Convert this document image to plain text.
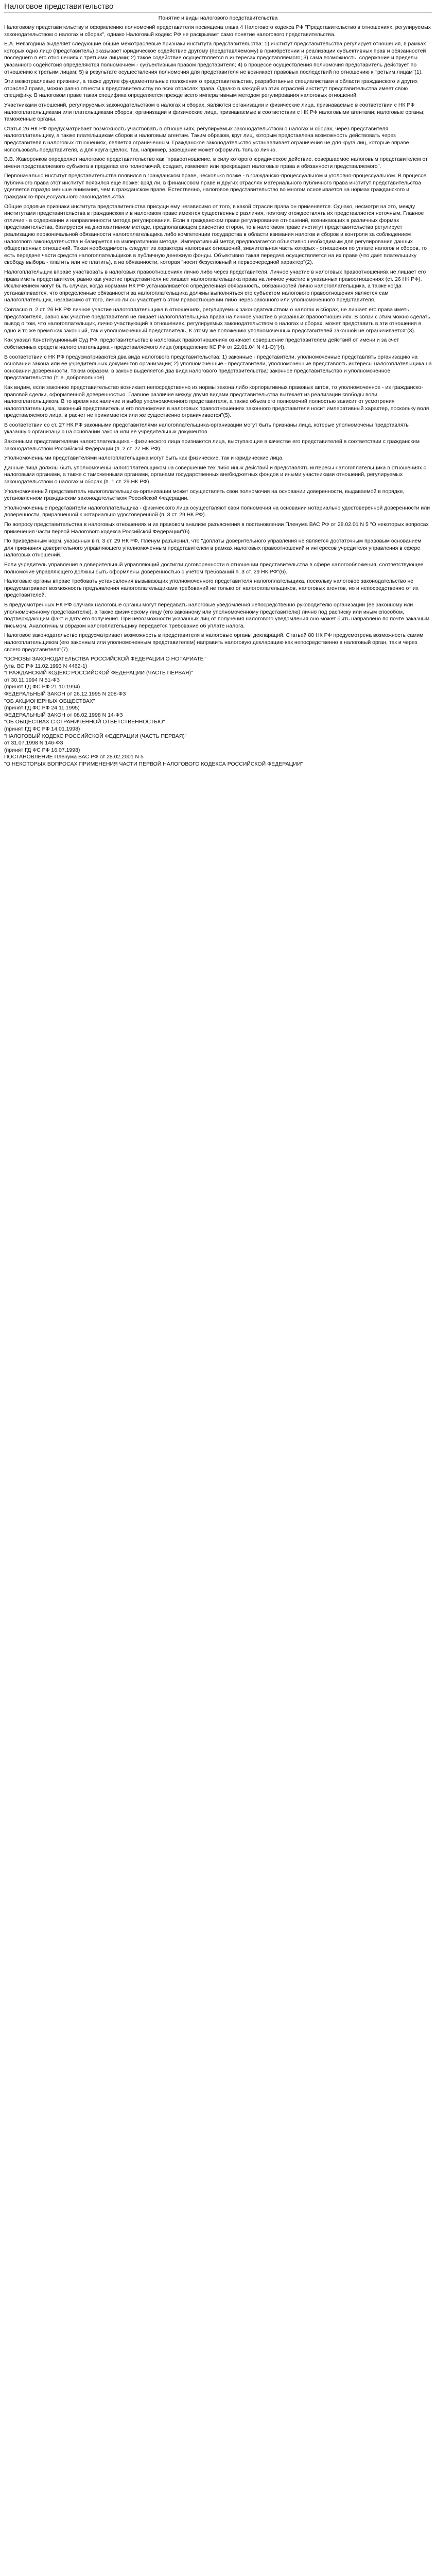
Налоговое представительство
Понятие и виды налогового представительства

Налоговому представительству и оформлению полномочий представителя посвящена глава 4 Налогового кодекса РФ "Представительство в отношениях, регулируемых законодательством о налогах и сборах", однако Налоговый кодекс РФ не раскрывает само понятие налогового представительства.

Е.А. Невзгодина выделяет следующие общие межотраслевые признаки института представительства: 1) институт представительства регулирует отношения, в рамках которых одно лицо (представитель) оказывает юридическое содействие другому (представляемому) в приобретении и реализации субъективных прав и обязанностей последнего в его отношениях с третьими лицами; 2) такое содействие осуществляется в интересах представляемого; 3) сама возможность, содержание и пределы указанного содействия определяются полномочием - субъективным правом представителя; 4) в процессе осуществления полномочия представитель действует по отношению к третьим лицам; 5) в результате осуществления полномочия для представителя не возникает правовых последствий по отношению к третьим лицам"(1).

Эти межотраслевые признаки, а также другие фундаментальные положения о представительстве, разработанные специалистами в области гражданского и других отраслей права, можно равно отнести к представительству во всех отраслях права. Однако в каждой из этих отраслей институт представительства имеет свою специфику. В налоговом праве такая специфика определяется прежде всего императивным методом регулирования налоговых отношений.

Участниками отношений, регулируемых законодательством о налогах и сборах, являются организации и физические лица, признаваемые в соответствии с НК РФ налогоплательщиками или плательщиками сборов; организации и физические лица, признаваемые в соответствии с НК РФ налоговыми агентами; налоговые органы; таможенные органы.

Статья 26 НК РФ предусматривает возможность участвовать в отношениях, регулируемых законодательством о налогах и сборах, через представителя налогоплательщику, а также плательщикам сборов и налоговым агентам. Таким образом, круг лиц, которым представлена возможность действовать через представителя в налоговых отношениях, является ограниченным. Гражданское законодательство устанавливает ограничения не для круга лиц, которые вправе использовать представителя, а для круга сделок. Так, например, завещание может оформить только лично.

В.В. Жаворонков определяет налоговое представительство как "правоотношение, в силу которого юридическое действие, совершаемое налоговым представителем от имени представляемого субъекта в пределах его полномочий, создает, изменяет или прекращает налоговые права и обязанности представляемого".

Первоначально институт представительства появился в гражданском праве, несколько позже - в гражданско-процессуальном и уголовно-процессуальном. В процессе публичного права этот институт появился еще позже: вряд ли, в финансовом праве и других отраслях материального публичного права институт представительства уделяется гораздо меньше внимания, чем в гражданском праве. Естественно, налоговое представительство во многом основывается на нормах гражданского и гражданско-процессуального законодательства.

Общие родовые признаки института представительства присущи ему независимо от того, в какой отрасли права он применяется. Однако, несмотря на это, между институтами представительства в гражданском и в налоговом праве имеются существенные различия, поэтому отождествлять их представляется неточным. Главное отличие - в содержании и направленности метода регулирования. Если в гражданском праве регулирование отношений, возникающих в различных формах представительства, базируется на диспозитивном методе, предполагающем равенство сторон, то в налоговом праве институт представительства регулирует реализацию первоначальной обязанности налогоплательщика либо компетенции государства в области взимания налогов и сборов и контроля за соблюдением налогового законодательства и базируется на императивном методе. Императивный метод предполагается объективно необходимым для регулирования данных общественных отношений. Такая необходимость следует из характера налоговых отношений, значительная часть которых - отношения по уплате налогов и сборов, то есть передаче части средств налогоплательщиков в публичную денежную фонды. Объективно такая передача осуществляется на их праве (что дает плательщику свободу выбора - платить или не платить), а на обязанности, которая "носит безусловный и первоочередной характер"(2).

Налогоплательщик вправе участвовать в налоговых правоотношениях лично либо через представителя. Личное участие в налоговых правоотношениях не лишает его права иметь представителя, равно как участие представителя не лишает налогоплательщика права на личное участие в указанных правоотношениях (ст. 26 НК РФ). Исключением могут быть случаи, когда нормами НК РФ устанавливается определенная обязанность, обязанностей лично налогоплательщика, а также когда устанавливается, что определенные обязанности за налогоплательщика должны выполняться его субъектом налогового правоотношения является сам налогоплательщик, независимо от того, лично ли он участвует в этом правоотношении либо через законного или уполномоченного представителя.

Согласно п. 2 ст. 26 НК РФ личное участие налогоплательщика в отношениях, регулируемых законодательством о налогах и сборах, не лишает его права иметь представителя, равно как участие представителя не лишает налогоплательщика права на личное участие в указанных правоотношениях. В связи с этим можно сделать вывод о том, что налогоплательщик, лично участвующий в отношениях, регулируемых законодательством о налогах и сборах, может представить в эти отношения в одно и то же время как законный, так и уполномоченный представитель. К этому же положению уполномоченных представителей законной не ограничивается"(3).

Как указал Конституционный Суд РФ, представительство в налоговых правоотношениях означает совершение представителем действий от имени и за счет собственных средств налогоплательщика - представляемого лица (определение КС РФ от 22.01.04 N 41-О)"(4).

В соответствии с НК РФ предусматриваются два вида налогового представительства: 1) законные - представители, уполномоченные представлять организацию на основании закона или ее учредительных документов организации; 2) уполномоченные - представители, уполномоченные представлять интересы налогоплательщика на основании доверенности. Таким образом, в законе выделяется два вида налогового представительства: законное представительство и уполномоченное представительство (т. е. добровольное).

Как видим, если законное представительство возникает непосредственно из нормы закона либо корпоративных правовых актов, то уполномоченное - из гражданско-правовой сделки, оформленной доверенностью. Главное различие между двумя видами представительства вытекает из реализации свободы воли налогоплательщиком. В то время как наличие и выбор уполномоченного представителя, а также объем его полномочий полностью зависит от усмотрения налогоплательщика, законный представитель и его полномочия в налоговых правоотношениях законного представителя носит императивный характер, поскольку воля представляемого лица, в расчет не принимается или же существенно ограничивается"(5).

В соответствии со ст. 27 НК РФ законными представителями налогоплательщика-организации могут быть признаны лица, которые уполномочены представлять указанную организацию на основании закона или ее учредительных документов.

Законными представителями налогоплательщика - физического лица признаются лица, выступающие в качестве его представителей в соответствии с гражданским законодательством Российской Федерации (п. 2 ст. 27 НК РФ).

Уполномоченными представителями налогоплательщика могут быть как физические, так и юридические лица.

Данные лица должны быть уполномочены налогоплательщиком на совершение тех либо иных действий и представлять интересы налогоплательщика в отношениях с налоговыми органами, а также с таможенными органами, органами государственных внебюджетных фондов и иными участниками отношений, регулируемых законодательством о налогах и сборах (п. 1 ст. 29 НК РФ).

Уполномоченный представитель налогоплательщика-организации может осуществлять свои полномочия на основании доверенности, выдаваемой в порядке, установленном гражданским законодательством Российской Федерации.

Уполномоченные представители налогоплательщика - физического лица осуществляют свои полномочия на основании нотариально удостоверенной доверенности или доверенности, приравненной к нотариально удостоверенной (п. 3 ст. 29 НК РФ).

По вопросу представительства в налоговых отношениях и их правовом анализе разъяснения в постановлении Пленума ВАС РФ от 28.02.01 N 5 "О некоторых вопросах применения части первой Налогового кодекса Российской Федерации"(6).

По приведенным норм, указанных в п. 3 ст. 29 НК РФ, Пленум разъяснил, что "доплаты доверительного управления не является достаточным правовым основанием для признания доверительного управляющего уполномоченным представителем в рамках налоговых правоотношений и интересов учредителя управления в сфере налоговых отношений.

Если учредитель управления в доверительный управляющий достигли договоренности в отношении представительства в сфере налогообложения, соответствующее полномочие управляющего должны быть оформлены доверенностью с учетом требований п. 3 ст. 29 НК РФ"(6).

Налоговые органы вправе требовать установления вызывающих уполномоченного представителя налогоплательщика, поскольку налоговое законодательство не предусматривает возможность предъявления налогоплательщиками требований не только от налогоплательщиков, налоговых агентов, но и непосредственно от их представителей.

В предусмотренных НК РФ случаях налоговые органы могут передавать налоговые уведомления непосредственно руководителю организации (ее законному или уполномоченному представителю), а также физическому лицу (его законному или уполномоченному представителю) лично под расписку или иным способом, подтверждающим факт и дату его получения. При невозможности указанных лиц от получения налогового уведомления оно может быть направлено по почте заказным письмом. Аналогичным образом налогоплательщику передается требование об уплате налога.

Налоговое законодательство предусматривает возможность в представителя в налоговые органы деклараций. Статьей 80 НК РФ предусмотрена возможность самим налогоплательщиком (его законным или уполномоченным представителем) направить налоговую декларацию как непосредственно в налоговый орган, так и через своего представителя"(7).

"ОСНОВЫ ЗАКОНОДАТЕЛЬСТВА РОССИЙСКОЙ ФЕДЕРАЦИИ О НОТАРИАТЕ"
(утв. ВС РФ 11.02.1993 N 4462-1)
"ГРАЖДАНСКИЙ КОДЕКС РОССИЙСКОЙ ФЕДЕРАЦИИ (ЧАСТЬ ПЕРВАЯ)"
от 30.11.1994 N 51-ФЗ
(принят ГД ФС РФ 21.10.1994)
ФЕДЕРАЛЬНЫЙ ЗАКОН от 26.12.1995 N 208-ФЗ
"ОБ АКЦИОНЕРНЫХ ОБЩЕСТВАХ"
(принят ГД ФС РФ 24.11.1995)
ФЕДЕРАЛЬНЫЙ ЗАКОН от 08.02.1998 N 14-ФЗ
"ОБ ОБЩЕСТВАХ С ОГРАНИЧЕННОЙ ОТВЕТСТВЕННОСТЬЮ"
(принят ГД ФС РФ 14.01.1998)
"НАЛОГОВЫЙ КОДЕКС РОССИЙСКОЙ ФЕДЕРАЦИИ (ЧАСТЬ ПЕРВАЯ)"
от 31.07.1998 N 146-ФЗ
(принят ГД ФС РФ 16.07.1998)
ПОСТАНОВЛЕНИЕ Пленума ВАС РФ от 28.02.2001 N 5
"О НЕКОТОРЫХ ВОПРОСАХ ПРИМЕНЕНИЯ ЧАСТИ ПЕРВОЙ НАЛОГОВОГО КОДЕКСА РОССИЙСКОЙ ФЕДЕРАЦИИ"
